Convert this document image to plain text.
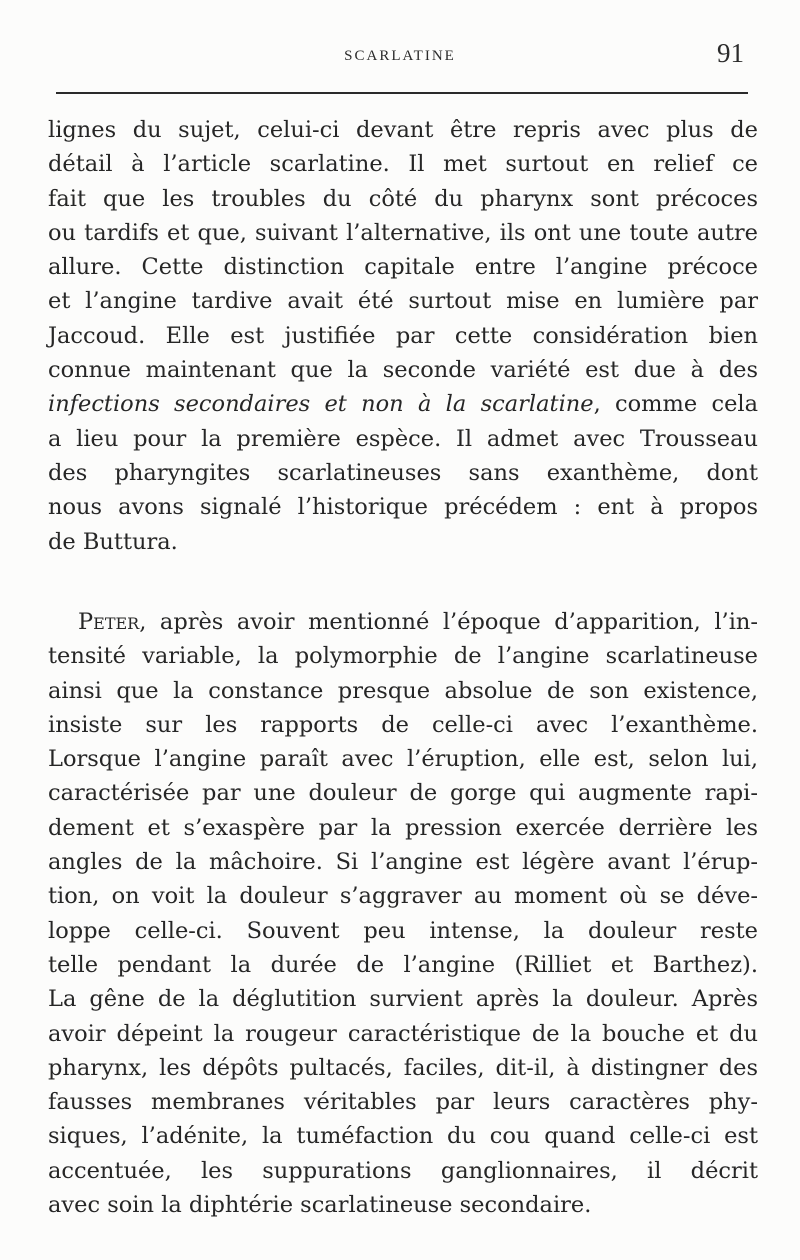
SCARLATINE	91
lignes du sujet, celui-ci devant être repris avec plus de
détail à l’article scarlatine. Il met surtout en relief ce
fait que les troubles du côté du pharynx sont précoces
ou tardifs et que, suivant l’alternative, ils ont une toute autre
allure. Cette distinction capitale entre l’angine précoce
et l’angine tardive avait été surtout mise en lumière par
Jaccoud. Elle est justifiée par cette considération bien
connue maintenant que la seconde variété est due à des
infections secondaires et non à la scarlatine, comme cela
a lieu pour la première espèce. Il admet avec Trousseau
des pharyngites scarlatineuses sans exanthème, dont
nous avons signalé l’historique précédem : ent à propos
de Buttura.
Peter, après avoir mentionné l’époque d’apparition, l’in-
tensité variable, la polymorphie de l’angine scarlatineuse
ainsi que la constance presque absolue de son existence,
insiste sur les rapports de celle-ci avec l’exanthème.
Lorsque l’angine paraît avec l’éruption, elle est, selon lui,
caractérisée par une douleur de gorge qui augmente rapi-
dement et s’exaspère par la pression exercée derrière les
angles de la mâchoire. Si l’angine est légère avant l’érup-
tion, on voit la douleur s’aggraver au moment où se déve-
loppe celle-ci. Souvent peu intense, la douleur reste
telle pendant la durée de l’angine (Rilliet et Barthez).
La gêne de la déglutition survient après la douleur. Après
avoir dépeint la rougeur caractéristique de la bouche et du
pharynx, les dépôts pultacés, faciles, dit-il, à distingner des
fausses membranes véritables par leurs caractères phy-
siques, l’adénite, la tuméfaction du cou quand celle-ci est
accentuée, les suppurations ganglionnaires, il décrit
avec soin la diphtérie scarlatineuse secondaire.
